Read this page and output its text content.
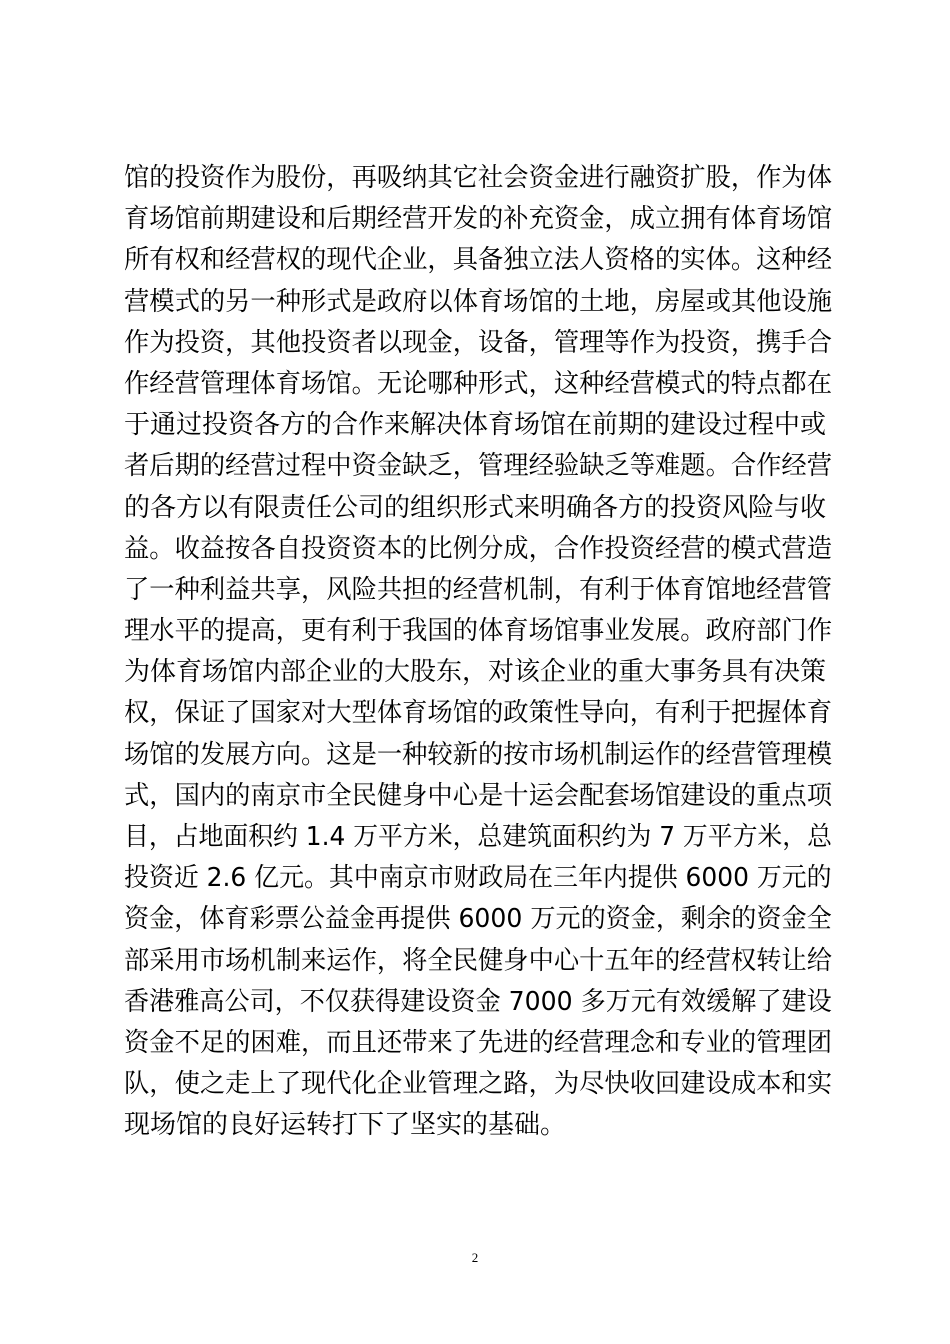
馆的投资作为股份，再吸纳其它社会资金进行融资扩股，作为体
育场馆前期建设和后期经营开发的补充资金，成立拥有体育场馆
所有权和经营权的现代企业，具备独立法人资格的实体。这种经
营模式的另一种形式是政府以体育场馆的土地，房屋或其他设施
作为投资，其他投资者以现金，设备，管理等作为投资，携手合
作经营管理体育场馆。无论哪种形式，这种经营模式的特点都在
于通过投资各方的合作来解决体育场馆在前期的建设过程中或
者后期的经营过程中资金缺乏，管理经验缺乏等难题。合作经营
的各方以有限责任公司的组织形式来明确各方的投资风险与收
益。收益按各自投资资本的比例分成，合作投资经营的模式营造
了一种利益共享，风险共担的经营机制，有利于体育馆地经营管
理水平的提高，更有利于我国的体育场馆事业发展。政府部门作
为体育场馆内部企业的大股东，对该企业的重大事务具有决策
权，保证了国家对大型体育场馆的政策性导向，有利于把握体育
场馆的发展方向。这是一种较新的按市场机制运作的经营管理模
式，国内的南京市全民健身中心是十运会配套场馆建设的重点项
目，占地面积约 1.4 万平方米，总建筑面积约为 7 万平方米，总
投资近 2.6 亿元。其中南京市财政局在三年内提供 6000 万元的
资金，体育彩票公益金再提供 6000 万元的资金，剩余的资金全
部采用市场机制来运作，将全民健身中心十五年的经营权转让给
香港雅高公司，不仅获得建设资金 7000 多万元有效缓解了建设
资金不足的困难，而且还带来了先进的经营理念和专业的管理团
队，使之走上了现代化企业管理之路，为尽快收回建设成本和实
现场馆的良好运转打下了坚实的基础。
2
